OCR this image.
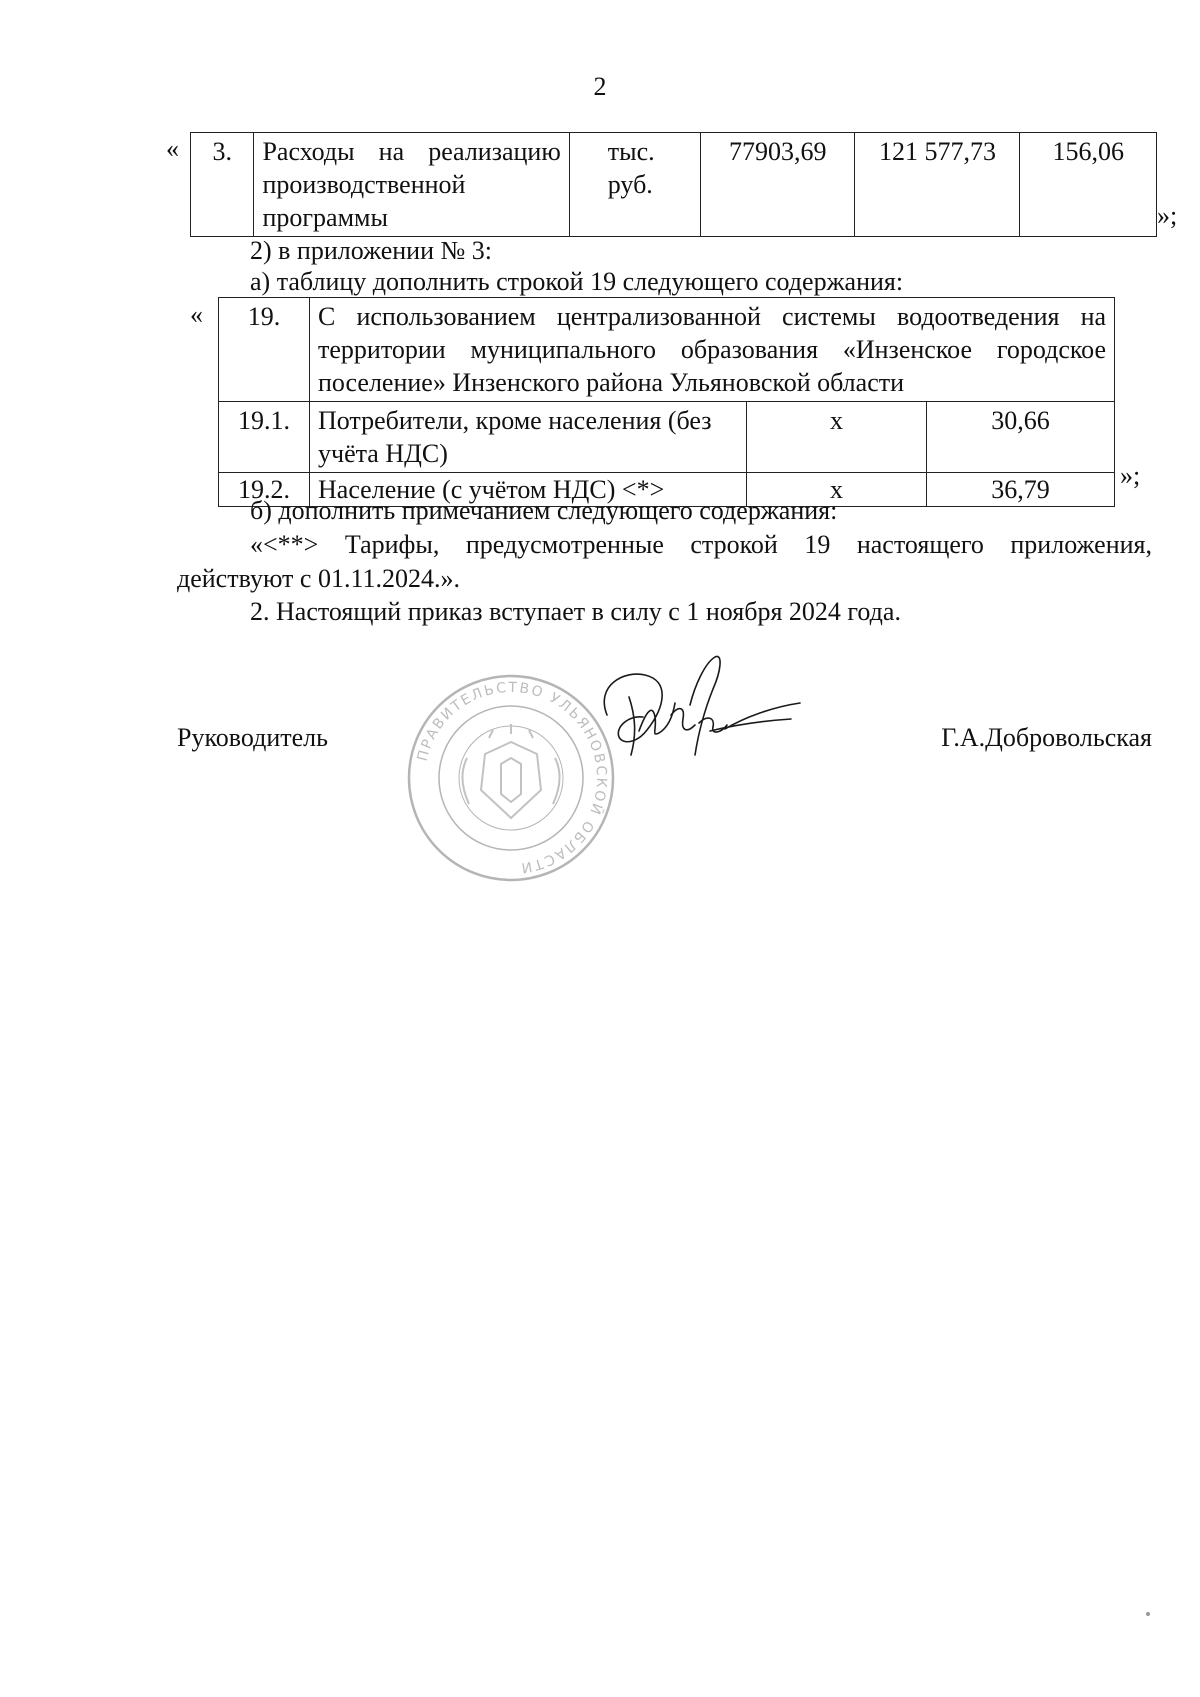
2
« 3.	Расходы на реализацию производственной программы	тыс. руб.	77903,69	121 577,73	156,06
»;
2) в приложении № 3:
а) таблицу дополнить строкой 19 следующего содержания:
« 19.	С использованием централизованной системы водоотведения на территории муниципального образования «Инзенское городское поселение» Инзенского района Ульяновской области		
19.1.	Потребители, кроме населения (без учёта НДС)	х	30,66
19.2.	Население (с учётом НДС) <*>	х	36,79	»;
б) дополнить примечанием следующего содержания:
«<**> Тарифы, предусмотренные строкой 19 настоящего приложения, действуют с 01.11.2024.».
2. Настоящий приказ вступает в силу с 1 ноября 2024 года.
Руководитель
ПРАВИТЕЛЬСТВО УЛЬЯНОВСКОЙ ОБЛАСТИ
Г.А.Добровольская
